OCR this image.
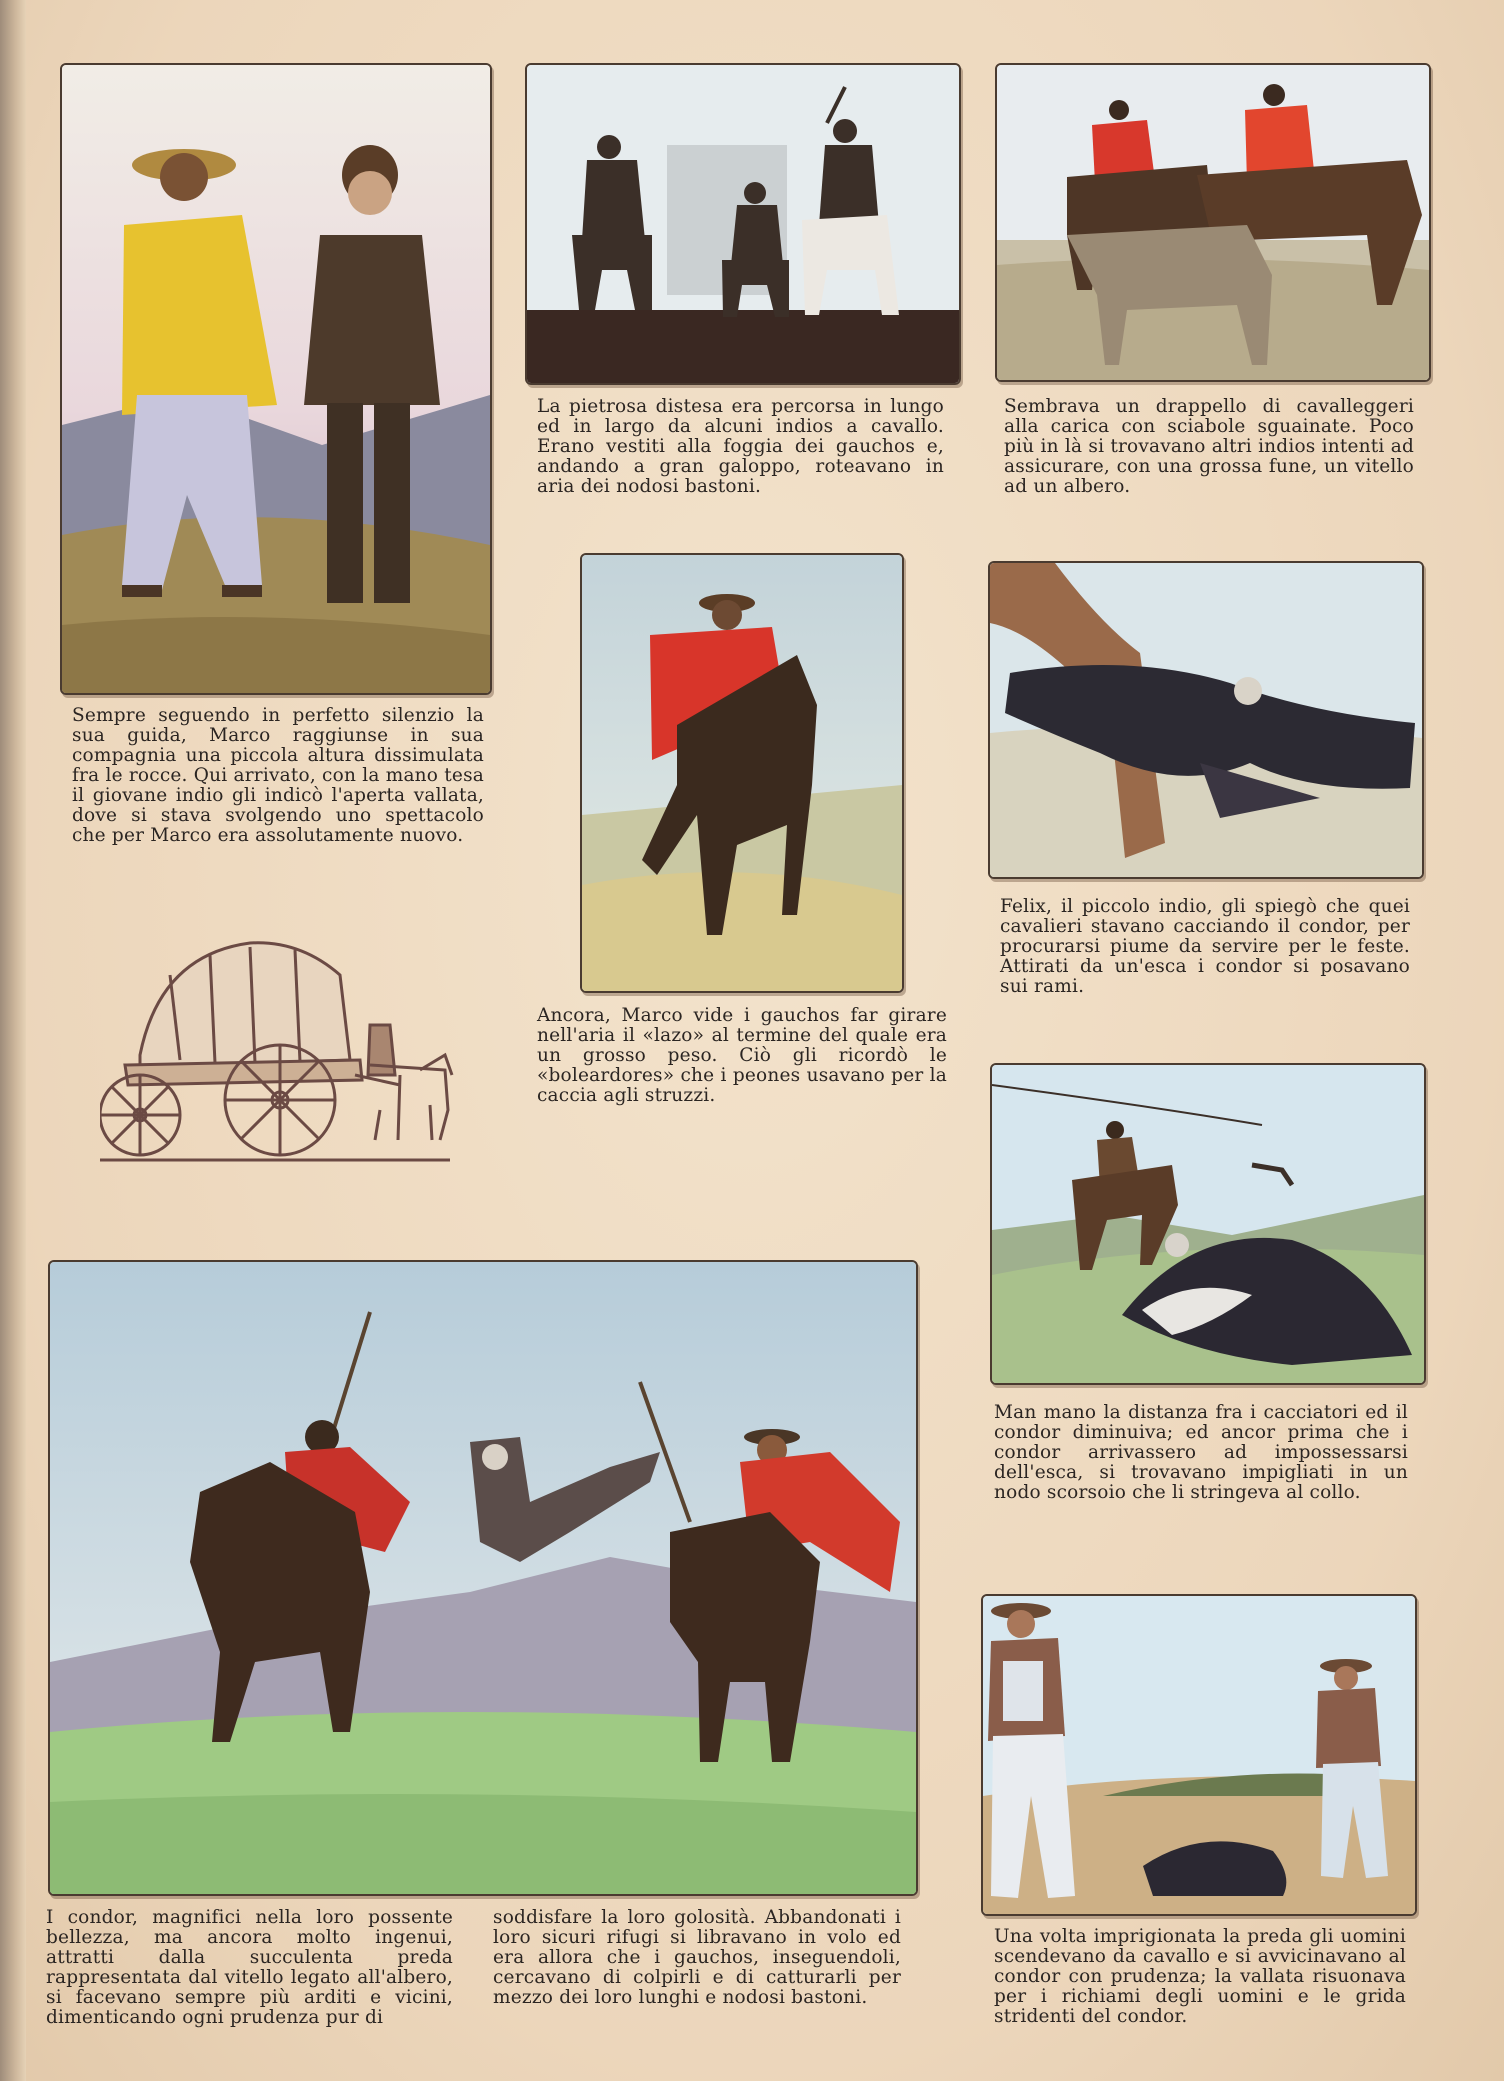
Sempre seguendo in perfetto silenzio la sua guida, Marco raggiunse in sua compagnia una piccola altura dissimulata fra le rocce. Qui arrivato, con la mano tesa il giovane indio gli indicò l'aperta vallata, dove si stava svolgendo uno spettacolo che per Marco era assolutamente nuovo.

La pietrosa distesa era percorsa in lungo ed in largo da alcuni indios a cavallo. Erano vestiti alla foggia dei gauchos e, andando a gran galoppo, roteavano in aria dei nodosi bastoni.

Sembrava un drappello di cavalleggeri alla carica con sciabole sguainate. Poco più in là si trovavano altri indios intenti ad assicurare, con una grossa fune, un vitello ad un albero.

Ancora, Marco vide i gauchos far girare nell'aria il «lazo» al termine del quale era un grosso peso. Ciò gli ricordò le «boleardores» che i peones usavano per la caccia agli struzzi.

Felix, il piccolo indio, gli spiegò che quei cavalieri stavano cacciando il condor, per procurarsi piume da servire per le feste. Attirati da un'esca i condor si posavano sui rami.

Man mano la distanza fra i cacciatori ed il condor diminuiva; ed ancor prima che i condor arrivassero ad impossessarsi dell'esca, si trovavano impigliati in un nodo scorsoio che li stringeva al collo.

I condor, magnifici nella loro possente bellezza, ma ancora molto ingenui, attratti dalla succulenta preda rappresentata dal vitello legato all'albero, si facevano sempre più arditi e vicini, dimenticando ogni prudenza pur di

soddisfare la loro golosità. Abbandonati i loro sicuri rifugi si libravano in volo ed era allora che i gauchos, inseguendoli, cercavano di colpirli e di catturarli per mezzo dei loro lunghi e nodosi bastoni.

Una volta imprigionata la preda gli uomini scendevano da cavallo e si avvicinavano al condor con prudenza; la vallata risuonava per i richiami degli uomini e le grida stridenti del condor.
